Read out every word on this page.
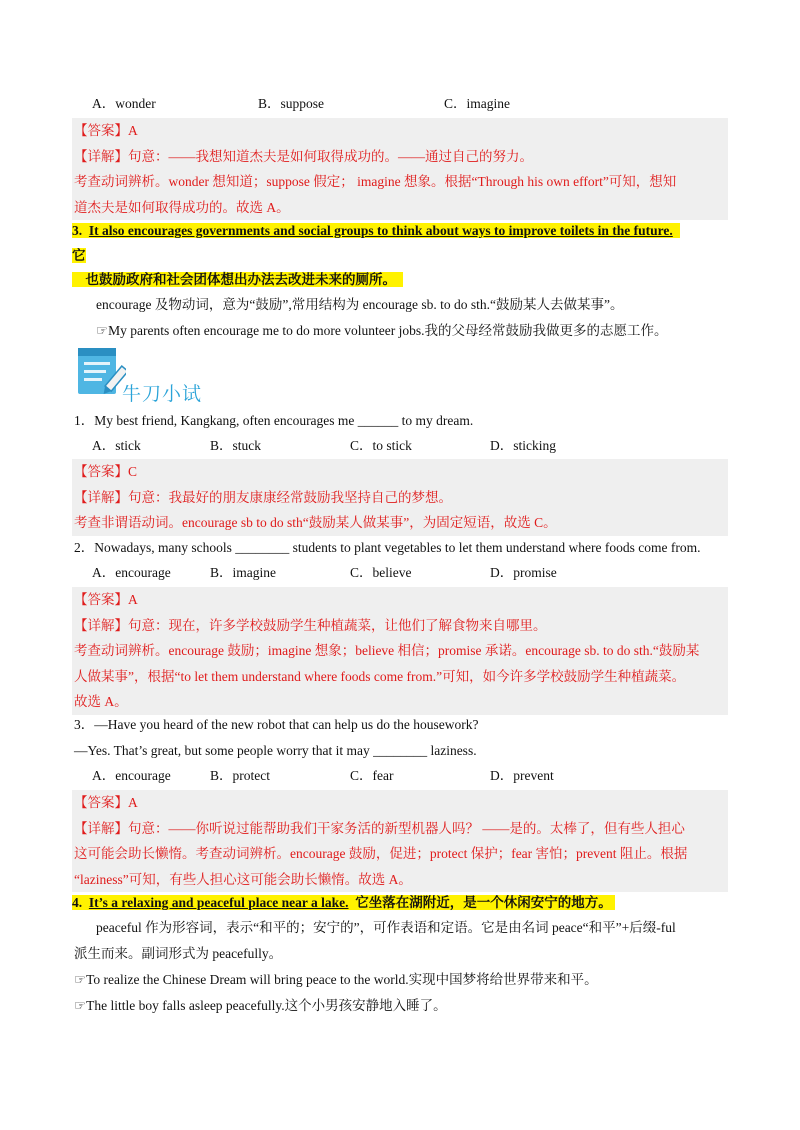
A．wonder	B．suppose	C．imagine
【答案】A
【详解】句意：——我想知道杰夫是如何取得成功的。——通过自己的努力。
考查动词辨析。wonder 想知道；suppose 假定； imagine 想象。根据“Through his own effort”可知，想知
道杰夫是如何取得成功的。故选 A。
3. It also encourages governments and social groups to think about ways to improve toilets in the future.
它
也鼓励政府和社会团体想出办法去改进未来的厕所。
encourage 及物动词，意为“鼓励”,常用结构为 encourage sb. to do sth.“鼓励某人去做某事”。
☞My parents often encourage me to do more volunteer jobs.我的父母经常鼓励我做更多的志愿工作。
牛刀小试
1．My best friend, Kangkang, often encourages me ______ to my dream.
A．stick	B．stuck	C．to stick	D．sticking
【答案】C
【详解】句意：我最好的朋友康康经常鼓励我坚持自己的梦想。
考查非谓语动词。encourage sb to do sth“鼓励某人做某事”，为固定短语，故选 C。
2．Nowadays, many schools ________ students to plant vegetables to let them understand where foods come from.
A．encourage	B．imagine	C．believe	D．promise
【答案】A
【详解】句意：现在，许多学校鼓励学生种植蔬菜，让他们了解食物来自哪里。
考查动词辨析。encourage 鼓励；imagine 想象；believe 相信；promise 承诺。encourage sb. to do sth.“鼓励某
人做某事”，根据“to let them understand where foods come from.”可知，如今许多学校鼓励学生种植蔬菜。
故选 A。
3．—Have you heard of the new robot that can help us do the housework?
—Yes. That’s great, but some people worry that it may ________ laziness.
A．encourage	B．protect	C．fear	D．prevent
【答案】A
【详解】句意：——你听说过能帮助我们干家务活的新型机器人吗？ ——是的。太棒了，但有些人担心
这可能会助长懒惰。考查动词辨析。encourage 鼓励，促进；protect 保护；fear 害怕；prevent 阻止。根据
“laziness”可知，有些人担心这可能会助长懒惰。故选 A。
4. It’s a relaxing and peaceful place near a lake. 它坐落在湖附近，是一个休闲安宁的地方。
peaceful 作为形容词，表示“和平的；安宁的”，可作表语和定语。它是由名词 peace“和平”+后缀-ful
派生而来。副词形式为 peacefully。
☞To realize the Chinese Dream will bring peace to the world.实现中国梦将给世界带来和平。
☞The little boy falls asleep peacefully.这个小男孩安静地入睡了。
